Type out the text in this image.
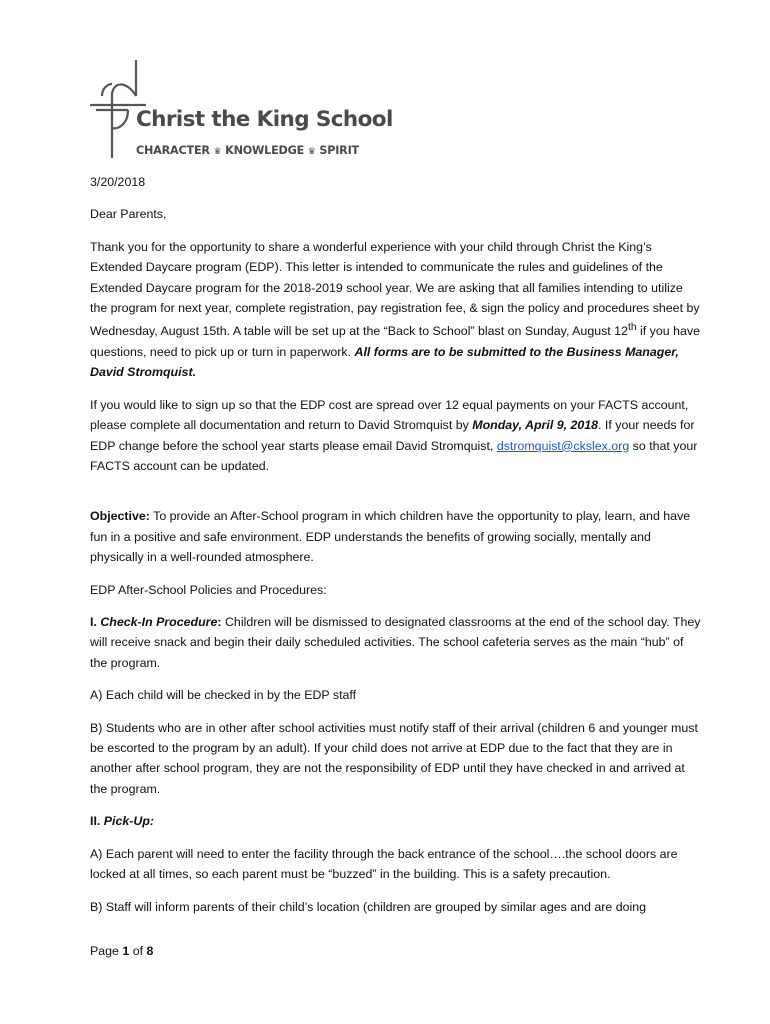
Christ the King School
CHARACTER ♛ KNOWLEDGE ♛ SPIRIT

3/20/2018

Dear Parents,

Thank you for the opportunity to share a wonderful experience with your child through Christ the King’s Extended Daycare program (EDP). This letter is intended to communicate the rules and guidelines of the Extended Daycare program for the 2018-2019 school year. We are asking that all families intending to utilize the program for next year, complete registration, pay registration fee, & sign the policy and procedures sheet by Wednesday, August 15th. A table will be set up at the “Back to School” blast on Sunday, August 12th if you have questions, need to pick up or turn in paperwork. All forms are to be submitted to the Business Manager, David Stromquist.

If you would like to sign up so that the EDP cost are spread over 12 equal payments on your FACTS account, please complete all documentation and return to David Stromquist by Monday, April 9, 2018. If your needs for EDP change before the school year starts please email David Stromquist, dstromquist@ckslex.org so that your FACTS account can be updated.

Objective: To provide an After-School program in which children have the opportunity to play, learn, and have fun in a positive and safe environment. EDP understands the benefits of growing socially, mentally and physically in a well-rounded atmosphere.

EDP After-School Policies and Procedures:

I. Check-In Procedure: Children will be dismissed to designated classrooms at the end of the school day. They will receive snack and begin their daily scheduled activities. The school cafeteria serves as the main “hub” of the program.

A) Each child will be checked in by the EDP staff

B) Students who are in other after school activities must notify staff of their arrival (children 6 and younger must be escorted to the program by an adult). If your child does not arrive at EDP due to the fact that they are in another after school program, they are not the responsibility of EDP until they have checked in and arrived at the program.

II. Pick-Up:

A) Each parent will need to enter the facility through the back entrance of the school….the school doors are locked at all times, so each parent must be “buzzed” in the building. This is a safety precaution.

B) Staff will inform parents of their child’s location (children are grouped by similar ages and are doing

Page 1 of 8
